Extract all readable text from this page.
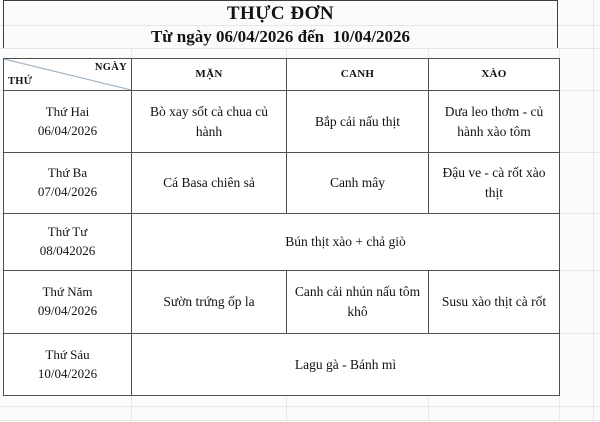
THỰC ĐƠN
Từ ngày 06/04/2026 đến  10/04/2026
NGÀY
THỨ	MẶN	CANH	XÀO

Thứ Hai
06/04/2026	Bò xay sốt cà chua củ hành	Bắp cải nấu thịt	Dưa leo thơm - củ hành xào tôm

Thứ Ba
07/04/2026	Cá Basa chiên sả	Canh mây	Đậu ve - cà rốt xào thịt

Thứ Tư
08/042026	Bún thịt xào + chả giò		

Thứ Năm
09/04/2026	Sườn trứng ốp la	Canh cải nhún nấu tôm khô	Susu xào thịt cà rốt

Thứ Sáu
10/04/2026	Lagu gà - Bánh mì		
